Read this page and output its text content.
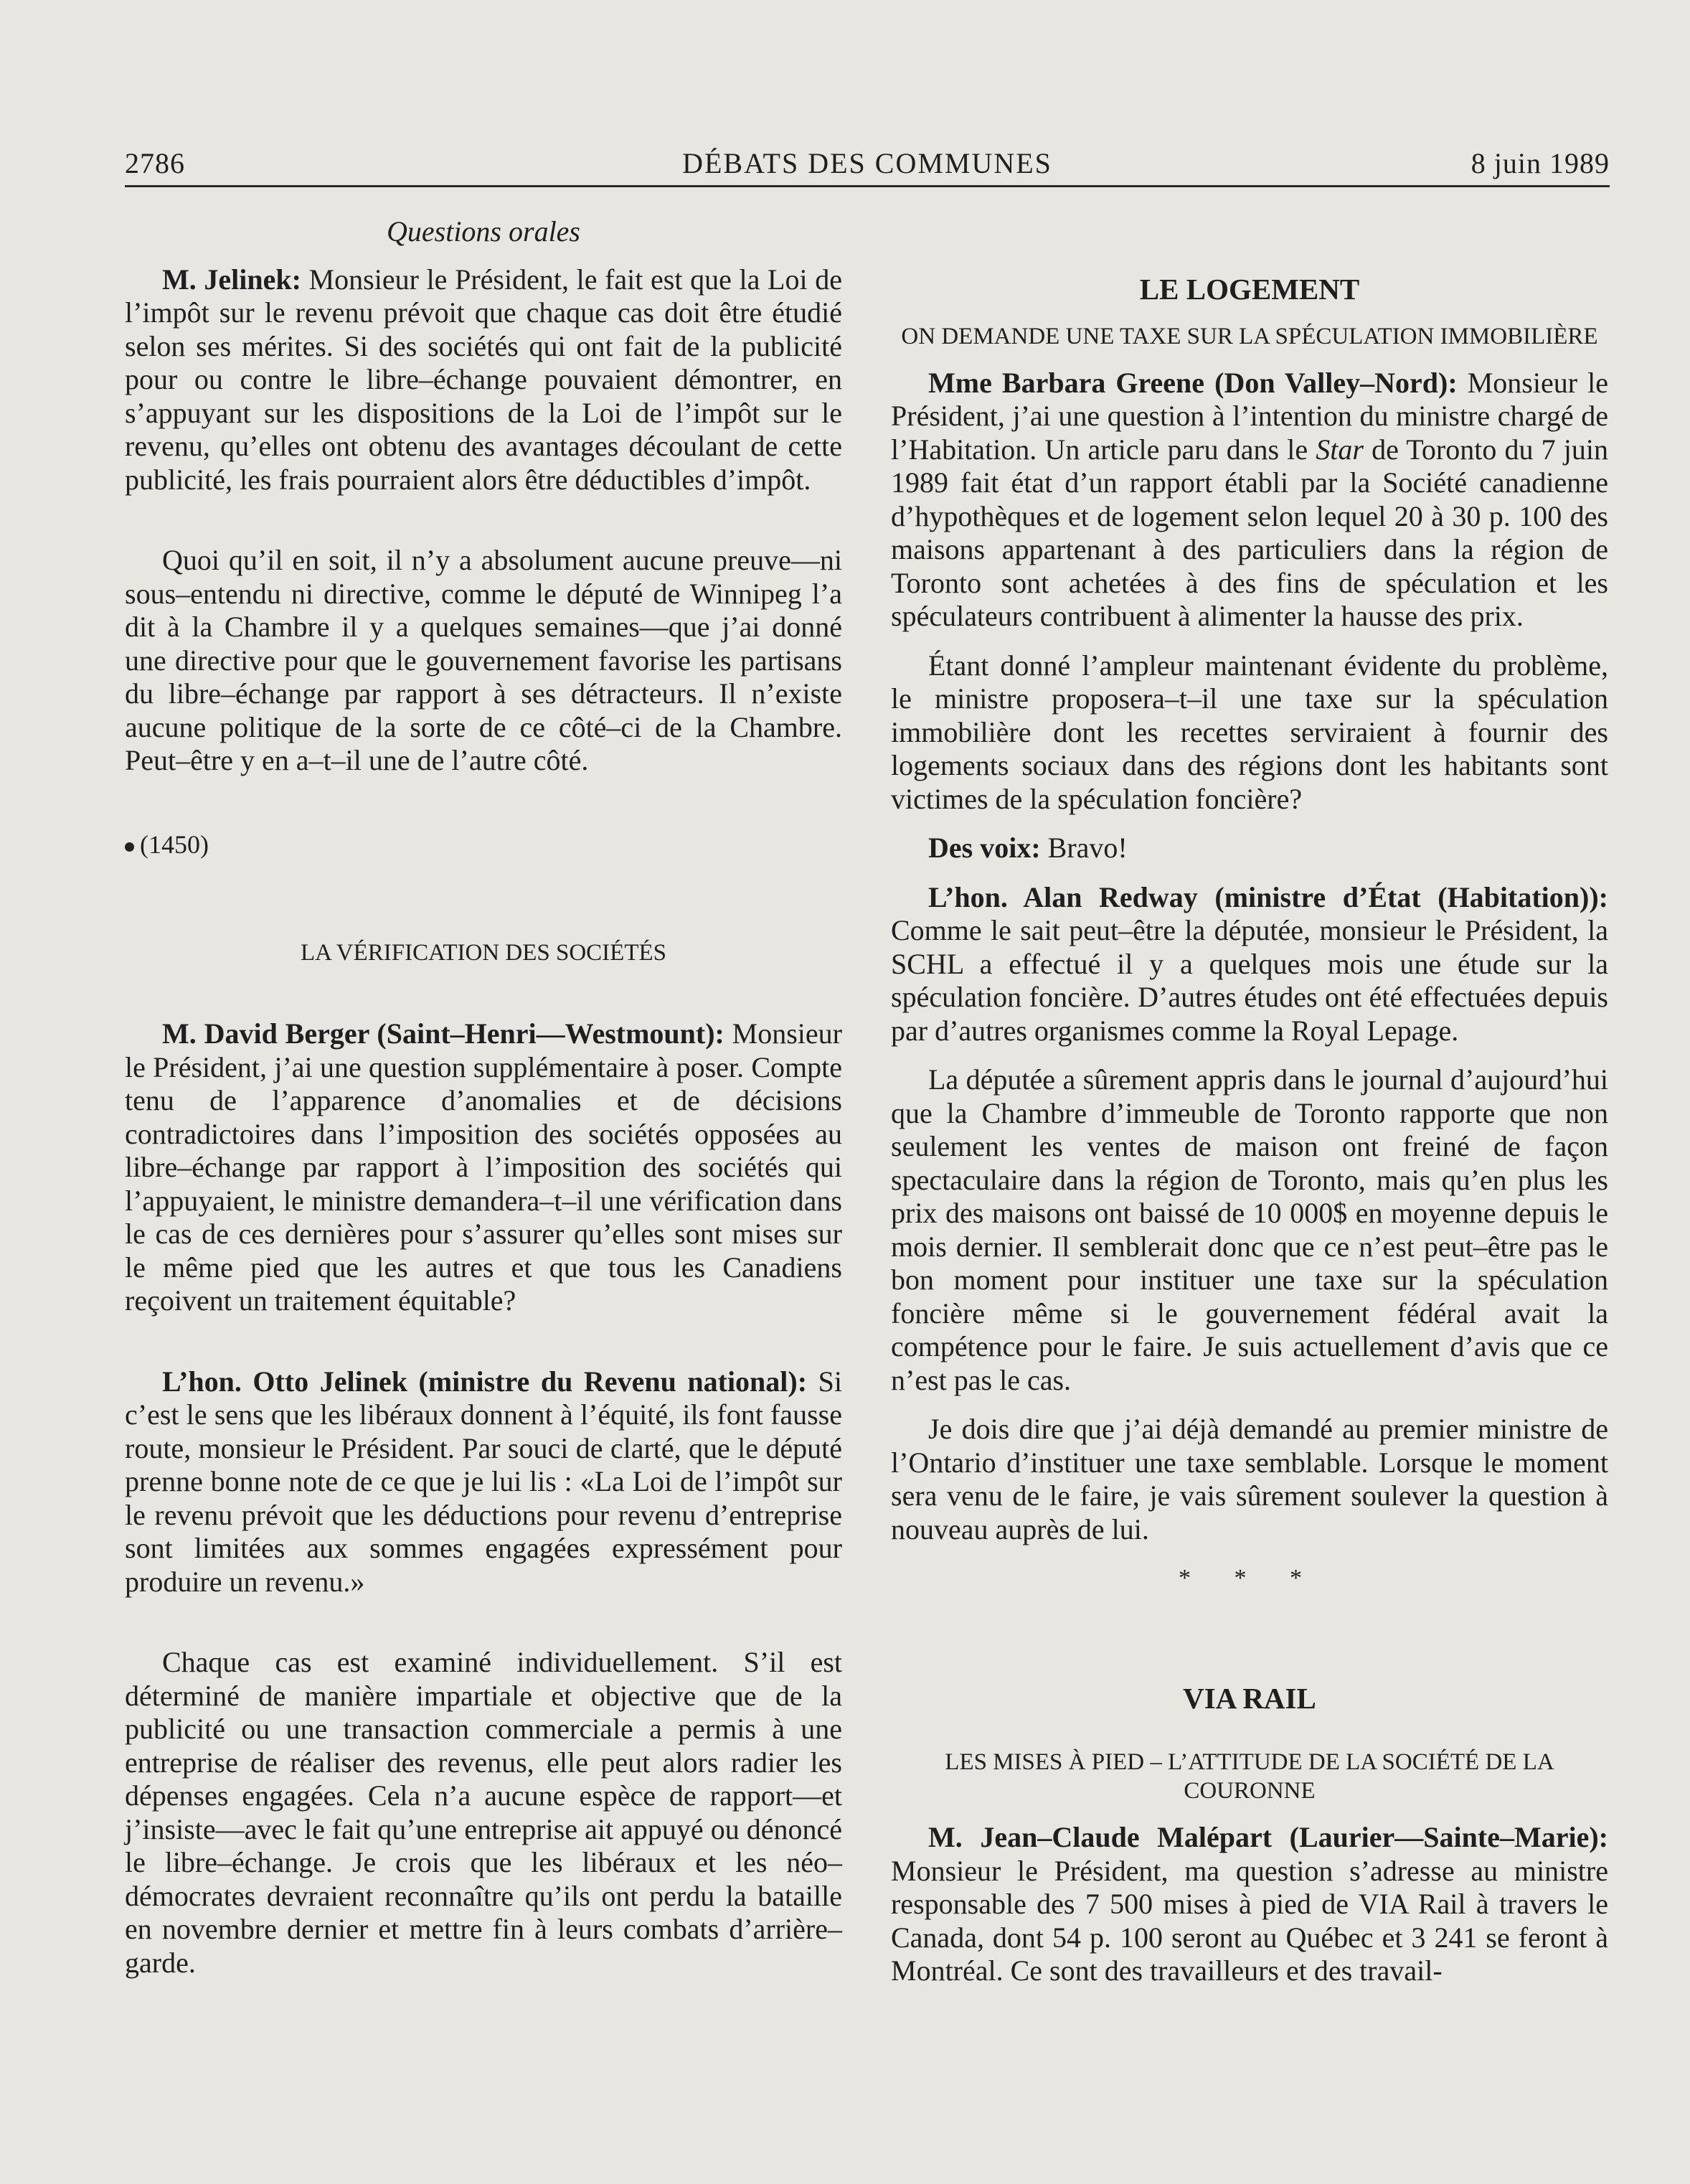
2786	DÉBATS DES COMMUNES	8 juin 1989
Questions orales

M. Jelinek: Monsieur le Président, le fait est que la Loi de l’impôt sur le revenu prévoit que chaque cas doit être étudié selon ses mérites. Si des sociétés qui ont fait de la publicité pour ou contre le libre–échange pouvaient démontrer, en s’appuyant sur les dispositions de la Loi de l’impôt sur le revenu, qu’elles ont obtenu des avantages découlant de cette publicité, les frais pourraient alors être déductibles d’impôt.

Quoi qu’il en soit, il n’y a absolument aucune preuve—ni sous–entendu ni directive, comme le député de Winnipeg l’a dit à la Chambre il y a quelques semaines—que j’ai donné une directive pour que le gouvernement favorise les partisans du libre–échange par rapport à ses détracteurs. Il n’existe aucune politique de la sorte de ce côté–ci de la Chambre. Peut–être y en a–t–il une de l’autre côté.

(1450)
LA VÉRIFICATION DES SOCIÉTÉS

M. David Berger (Saint–Henri—Westmount): Monsieur le Président, j’ai une question supplémentaire à poser. Compte tenu de l’apparence d’anomalies et de décisions contradictoires dans l’imposition des sociétés opposées au libre–échange par rapport à l’imposition des sociétés qui l’appuyaient, le ministre demandera–t–il une vérification dans le cas de ces dernières pour s’assurer qu’elles sont mises sur le même pied que les autres et que tous les Canadiens reçoivent un traitement équitable?

L’hon. Otto Jelinek (ministre du Revenu national): Si c’est le sens que les libéraux donnent à l’équité, ils font fausse route, monsieur le Président. Par souci de clarté, que le député prenne bonne note de ce que je lui lis : «La Loi de l’impôt sur le revenu prévoit que les déductions pour revenu d’entreprise sont limitées aux sommes engagées expressément pour produire un revenu.»

Chaque cas est examiné individuellement. S’il est déterminé de manière impartiale et objective que de la publicité ou une transaction commerciale a permis à une entreprise de réaliser des revenus, elle peut alors radier les dépenses engagées. Cela n’a aucune espèce de rapport—et j’insiste—avec le fait qu’une entreprise ait appuyé ou dénoncé le libre–échange. Je crois que les libéraux et les néo–démocrates devraient reconnaître qu’ils ont perdu la bataille en novembre dernier et mettre fin à leurs combats d’arrière–garde.

LE LOGEMENT
ON DEMANDE UNE TAXE SUR LA SPÉCULATION IMMOBILIÈRE

Mme Barbara Greene (Don Valley–Nord): Monsieur le Président, j’ai une question à l’intention du ministre chargé de l’Habitation. Un article paru dans le Star de Toronto du 7 juin 1989 fait état d’un rapport établi par la Société canadienne d’hypothèques et de logement selon lequel 20 à 30 p. 100 des maisons appartenant à des particuliers dans la région de Toronto sont achetées à des fins de spéculation et les spéculateurs contribuent à alimenter la hausse des prix.

Étant donné l’ampleur maintenant évidente du problème, le ministre proposera–t–il une taxe sur la spéculation immobilière dont les recettes serviraient à fournir des logements sociaux dans des régions dont les habitants sont victimes de la spéculation foncière?

Des voix: Bravo!

L’hon. Alan Redway (ministre d’État (Habitation)): Comme le sait peut–être la députée, monsieur le Président, la SCHL a effectué il y a quelques mois une étude sur la spéculation foncière. D’autres études ont été effectuées depuis par d’autres organismes comme la Royal Lepage.

La députée a sûrement appris dans le journal d’aujourd’hui que la Chambre d’immeuble de Toronto rapporte que non seulement les ventes de maison ont freiné de façon spectaculaire dans la région de Toronto, mais qu’en plus les prix des maisons ont baissé de 10 000$ en moyenne depuis le mois dernier. Il semblerait donc que ce n’est peut–être pas le bon moment pour instituer une taxe sur la spéculation foncière même si le gouvernement fédéral avait la compétence pour le faire. Je suis actuellement d’avis que ce n’est pas le cas.

Je dois dire que j’ai déjà demandé au premier ministre de l’Ontario d’instituer une taxe semblable. Lorsque le moment sera venu de le faire, je vais sûrement soulever la question à nouveau auprès de lui.

* * *
VIA RAIL
LES MISES À PIED – L’ATTITUDE DE LA SOCIÉTÉ DE LA COURONNE

M. Jean–Claude Malépart (Laurier—Sainte–Marie): Monsieur le Président, ma question s’adresse au ministre responsable des 7 500 mises à pied de VIA Rail à travers le Canada, dont 54 p. 100 seront au Québec et 3 241 se feront à Montréal. Ce sont des travailleurs et des travail-
